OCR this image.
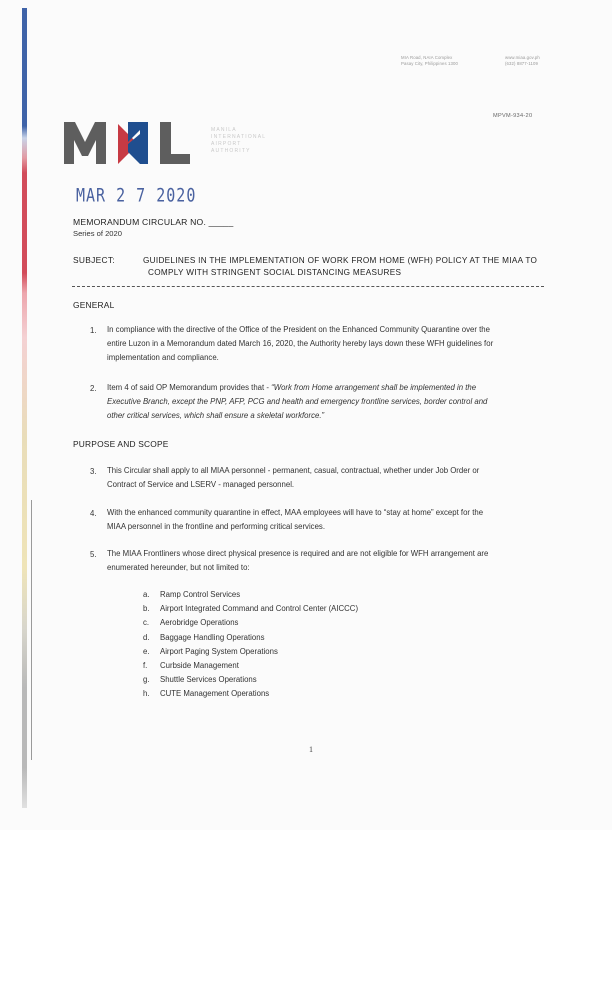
MIA Road, NAIA Complex
Pasay City, Philippines 1300
www.miaa.gov.ph
(632) 8877-1109
MPVM-934-20
MANILA
INTERNATIONAL
AIRPORT
AUTHORITY
MAR 2 7 2020
MEMORANDUM CIRCULAR NO. _____
Series of 2020
SUBJECT:	GUIDELINES IN THE IMPLEMENTATION OF WORK FROM HOME (WFH) POLICY AT THE MIAA TO
COMPLY WITH STRINGENT SOCIAL DISTANCING MEASURES
GENERAL
1. In compliance with the directive of the Office of the President on the Enhanced Community Quarantine over the
entire Luzon in a Memorandum dated March 16, 2020, the Authority hereby lays down these WFH guidelines for
implementation and compliance.
2. Item 4 of said OP Memorandum provides that - “Work from Home arrangement shall be implemented in the
Executive Branch, except the PNP, AFP, PCG and health and emergency frontline services, border control and
other critical services, which shall ensure a skeletal workforce.”
PURPOSE AND SCOPE
3. This Circular shall apply to all MIAA personnel - permanent, casual, contractual, whether under Job Order or
Contract of Service and LSERV - managed personnel.
4. With the enhanced community quarantine in effect, MAA employees will have to “stay at home” except for the
MIAA personnel in the frontline and performing critical services.
5. The MIAA Frontliners whose direct physical presence is required and are not eligible for WFH arrangement are
enumerated hereunder, but not limited to:
a.	Ramp Control Services
b.	Airport Integrated Command and Control Center (AICCC)
c.	Aerobridge Operations
d.	Baggage Handling Operations
e.	Airport Paging System Operations
f.	Curbside Management
g.	Shuttle Services Operations
h.	CUTE Management Operations
1
